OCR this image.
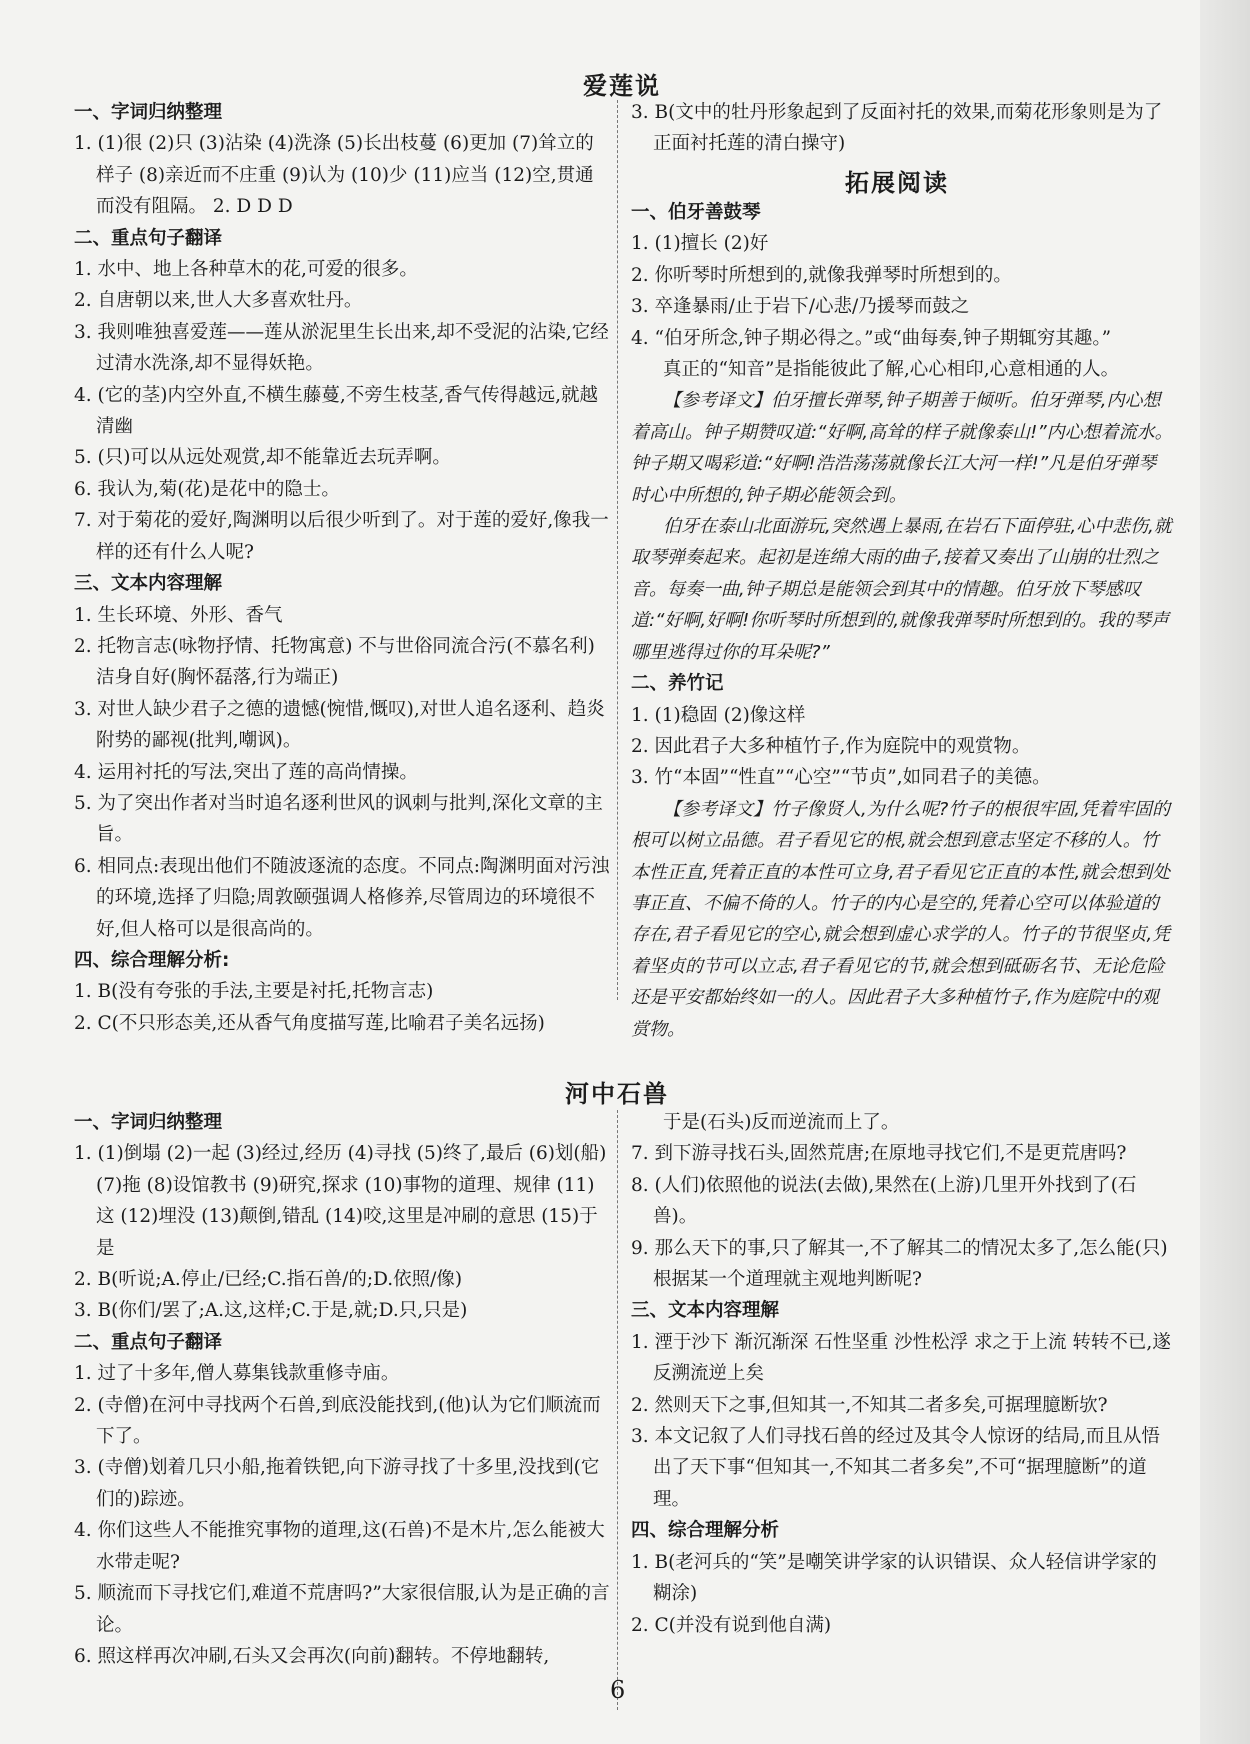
爱莲说
一、字词归纳整理
1. (1)很 (2)只 (3)沾染 (4)洗涤 (5)长出枝蔓 (6)更加 (7)耸立的样子 (8)亲近而不庄重 (9)认为 (10)少 (11)应当 (12)空,贯通而没有阻隔。 2. D D D
二、重点句子翻译
1. 水中、地上各种草木的花,可爱的很多。
2. 自唐朝以来,世人大多喜欢牡丹。
3. 我则唯独喜爱莲——莲从淤泥里生长出来,却不受泥的沾染,它经过清水洗涤,却不显得妖艳。
4. (它的茎)内空外直,不横生藤蔓,不旁生枝茎,香气传得越远,就越清幽
5. (只)可以从远处观赏,却不能靠近去玩弄啊。
6. 我认为,菊(花)是花中的隐士。
7. 对于菊花的爱好,陶渊明以后很少听到了。对于莲的爱好,像我一样的还有什么人呢?
三、文本内容理解
1. 生长环境、外形、香气
2. 托物言志(咏物抒情、托物寓意) 不与世俗同流合污(不慕名利) 洁身自好(胸怀磊落,行为端正)
3. 对世人缺少君子之德的遗憾(惋惜,慨叹),对世人追名逐利、趋炎附势的鄙视(批判,嘲讽)。
4. 运用衬托的写法,突出了莲的高尚情操。
5. 为了突出作者对当时追名逐利世风的讽刺与批判,深化文章的主旨。
6. 相同点:表现出他们不随波逐流的态度。不同点:陶渊明面对污浊的环境,选择了归隐;周敦颐强调人格修养,尽管周边的环境很不好,但人格可以是很高尚的。
四、综合理解分析:
1. B(没有夸张的手法,主要是衬托,托物言志)
2. C(不只形态美,还从香气角度描写莲,比喻君子美名远扬)
3. B(文中的牡丹形象起到了反面衬托的效果,而菊花形象则是为了正面衬托莲的清白操守)
拓展阅读
一、伯牙善鼓琴
1. (1)擅长 (2)好
2. 你听琴时所想到的,就像我弹琴时所想到的。
3. 卒逢暴雨/止于岩下/心悲/乃援琴而鼓之
4. “伯牙所念,钟子期必得之。”或“曲每奏,钟子期辄穷其趣。”
真正的“知音”是指能彼此了解,心心相印,心意相通的人。
【参考译文】伯牙擅长弹琴,钟子期善于倾听。伯牙弹琴,内心想着高山。钟子期赞叹道:“好啊,高耸的样子就像泰山!”内心想着流水。钟子期又喝彩道:“好啊!浩浩荡荡就像长江大河一样!”凡是伯牙弹琴时心中所想的,钟子期必能领会到。
伯牙在泰山北面游玩,突然遇上暴雨,在岩石下面停驻,心中悲伤,就取琴弹奏起来。起初是连绵大雨的曲子,接着又奏出了山崩的壮烈之音。每奏一曲,钟子期总是能领会到其中的情趣。伯牙放下琴感叹道:“好啊,好啊!你听琴时所想到的,就像我弹琴时所想到的。我的琴声哪里逃得过你的耳朵呢?”
二、养竹记
1. (1)稳固 (2)像这样
2. 因此君子大多种植竹子,作为庭院中的观赏物。
3. 竹“本固”“性直”“心空”“节贞”,如同君子的美德。
【参考译文】竹子像贤人,为什么呢?竹子的根很牢固,凭着牢固的根可以树立品德。君子看见它的根,就会想到意志坚定不移的人。竹本性正直,凭着正直的本性可立身,君子看见它正直的本性,就会想到处事正直、不偏不倚的人。竹子的内心是空的,凭着心空可以体验道的存在,君子看见它的空心,就会想到虚心求学的人。竹子的节很坚贞,凭着坚贞的节可以立志,君子看见它的节,就会想到砥砺名节、无论危险还是平安都始终如一的人。因此君子大多种植竹子,作为庭院中的观赏物。
河中石兽
一、字词归纳整理
1. (1)倒塌 (2)一起 (3)经过,经历 (4)寻找 (5)终了,最后 (6)划(船) (7)拖 (8)设馆教书 (9)研究,探求 (10)事物的道理、规律 (11)这 (12)埋没 (13)颠倒,错乱 (14)咬,这里是冲刷的意思 (15)于是
2. B(听说;A.停止/已经;C.指石兽/的;D.依照/像)
3. B(你们/罢了;A.这,这样;C.于是,就;D.只,只是)
二、重点句子翻译
1. 过了十多年,僧人募集钱款重修寺庙。
2. (寺僧)在河中寻找两个石兽,到底没能找到,(他)认为它们顺流而下了。
3. (寺僧)划着几只小船,拖着铁钯,向下游寻找了十多里,没找到(它们的)踪迹。
4. 你们这些人不能推究事物的道理,这(石兽)不是木片,怎么能被大水带走呢?
5. 顺流而下寻找它们,难道不荒唐吗?”大家很信服,认为是正确的言论。
6. 照这样再次冲刷,石头又会再次(向前)翻转。不停地翻转,
于是(石头)反而逆流而上了。
7. 到下游寻找石头,固然荒唐;在原地寻找它们,不是更荒唐吗?
8. (人们)依照他的说法(去做),果然在(上游)几里开外找到了(石兽)。
9. 那么天下的事,只了解其一,不了解其二的情况太多了,怎么能(只)根据某一个道理就主观地判断呢?
三、文本内容理解
1. 湮于沙下 渐沉渐深 石性坚重 沙性松浮 求之于上流 转转不已,遂反溯流逆上矣
2. 然则天下之事,但知其一,不知其二者多矣,可据理臆断欤?
3. 本文记叙了人们寻找石兽的经过及其令人惊讶的结局,而且从悟出了天下事“但知其一,不知其二者多矣”,不可“据理臆断”的道理。
四、综合理解分析
1. B(老河兵的“笑”是嘲笑讲学家的认识错误、众人轻信讲学家的糊涂)
2. C(并没有说到他自满)
6
